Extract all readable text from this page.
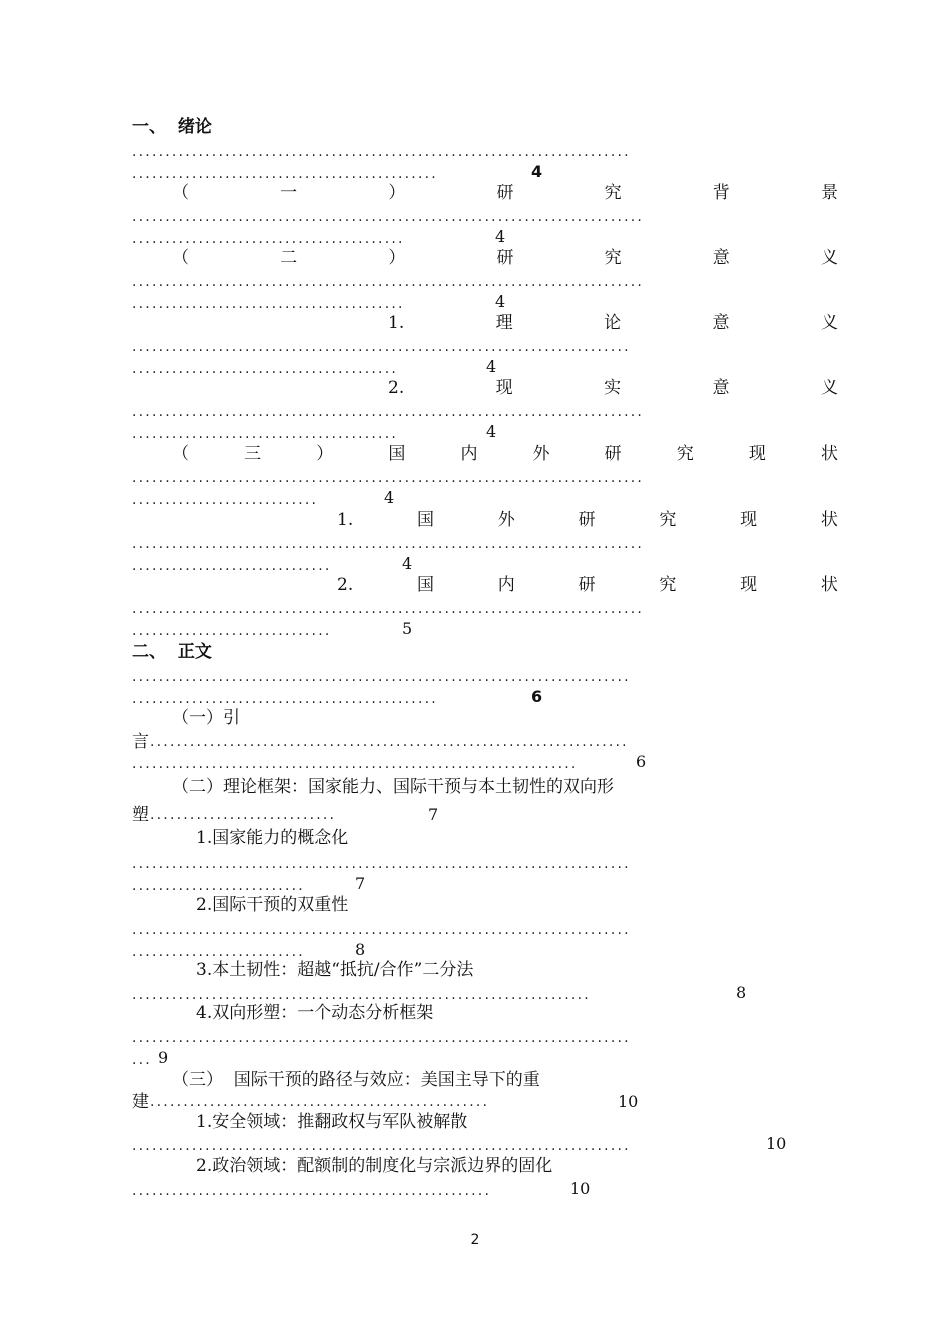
一、  绪论
...........................................................................
..............................................	4
（	一	）	研	究	背	景
.............................................................................
.........................................	4
（	二	）	研	究	意	义
.............................................................................
.........................................	4
1.	理	论	意	义
...........................................................................
........................................	4
2.	现	实	意	义
.............................................................................
........................................	4
（	三	）	国	内	外	研	究	现	状
.............................................................................
............................	4
1.	国	外	研	究	现	状
.............................................................................
..............................	4
2.	国	内	研	究	现	状
.............................................................................
..............................	5
二、  正文
...........................................................................
..............................................	6
（一）引
言 ........................................................................
...................................................................	6
（二）理论框架：国家能力、国际干预与本土韧性的双向形
塑 ............................	7
1.国家能力的概念化
...........................................................................
..........................	7
2.国际干预的双重性
...........................................................................
..........................	8
3.本土韧性：超越“抵抗/合作”二分法
.....................................................................	8
4.双向形塑：一个动态分析框架
...........................................................................
... 9
（三）  国际干预的路径与效应：美国主导下的重
建 ...................................................	10
1.安全领域：推翻政权与军队被解散
...........................................................................	10
2.政治领域：配额制的制度化与宗派边界的固化
......................................................	10
2
